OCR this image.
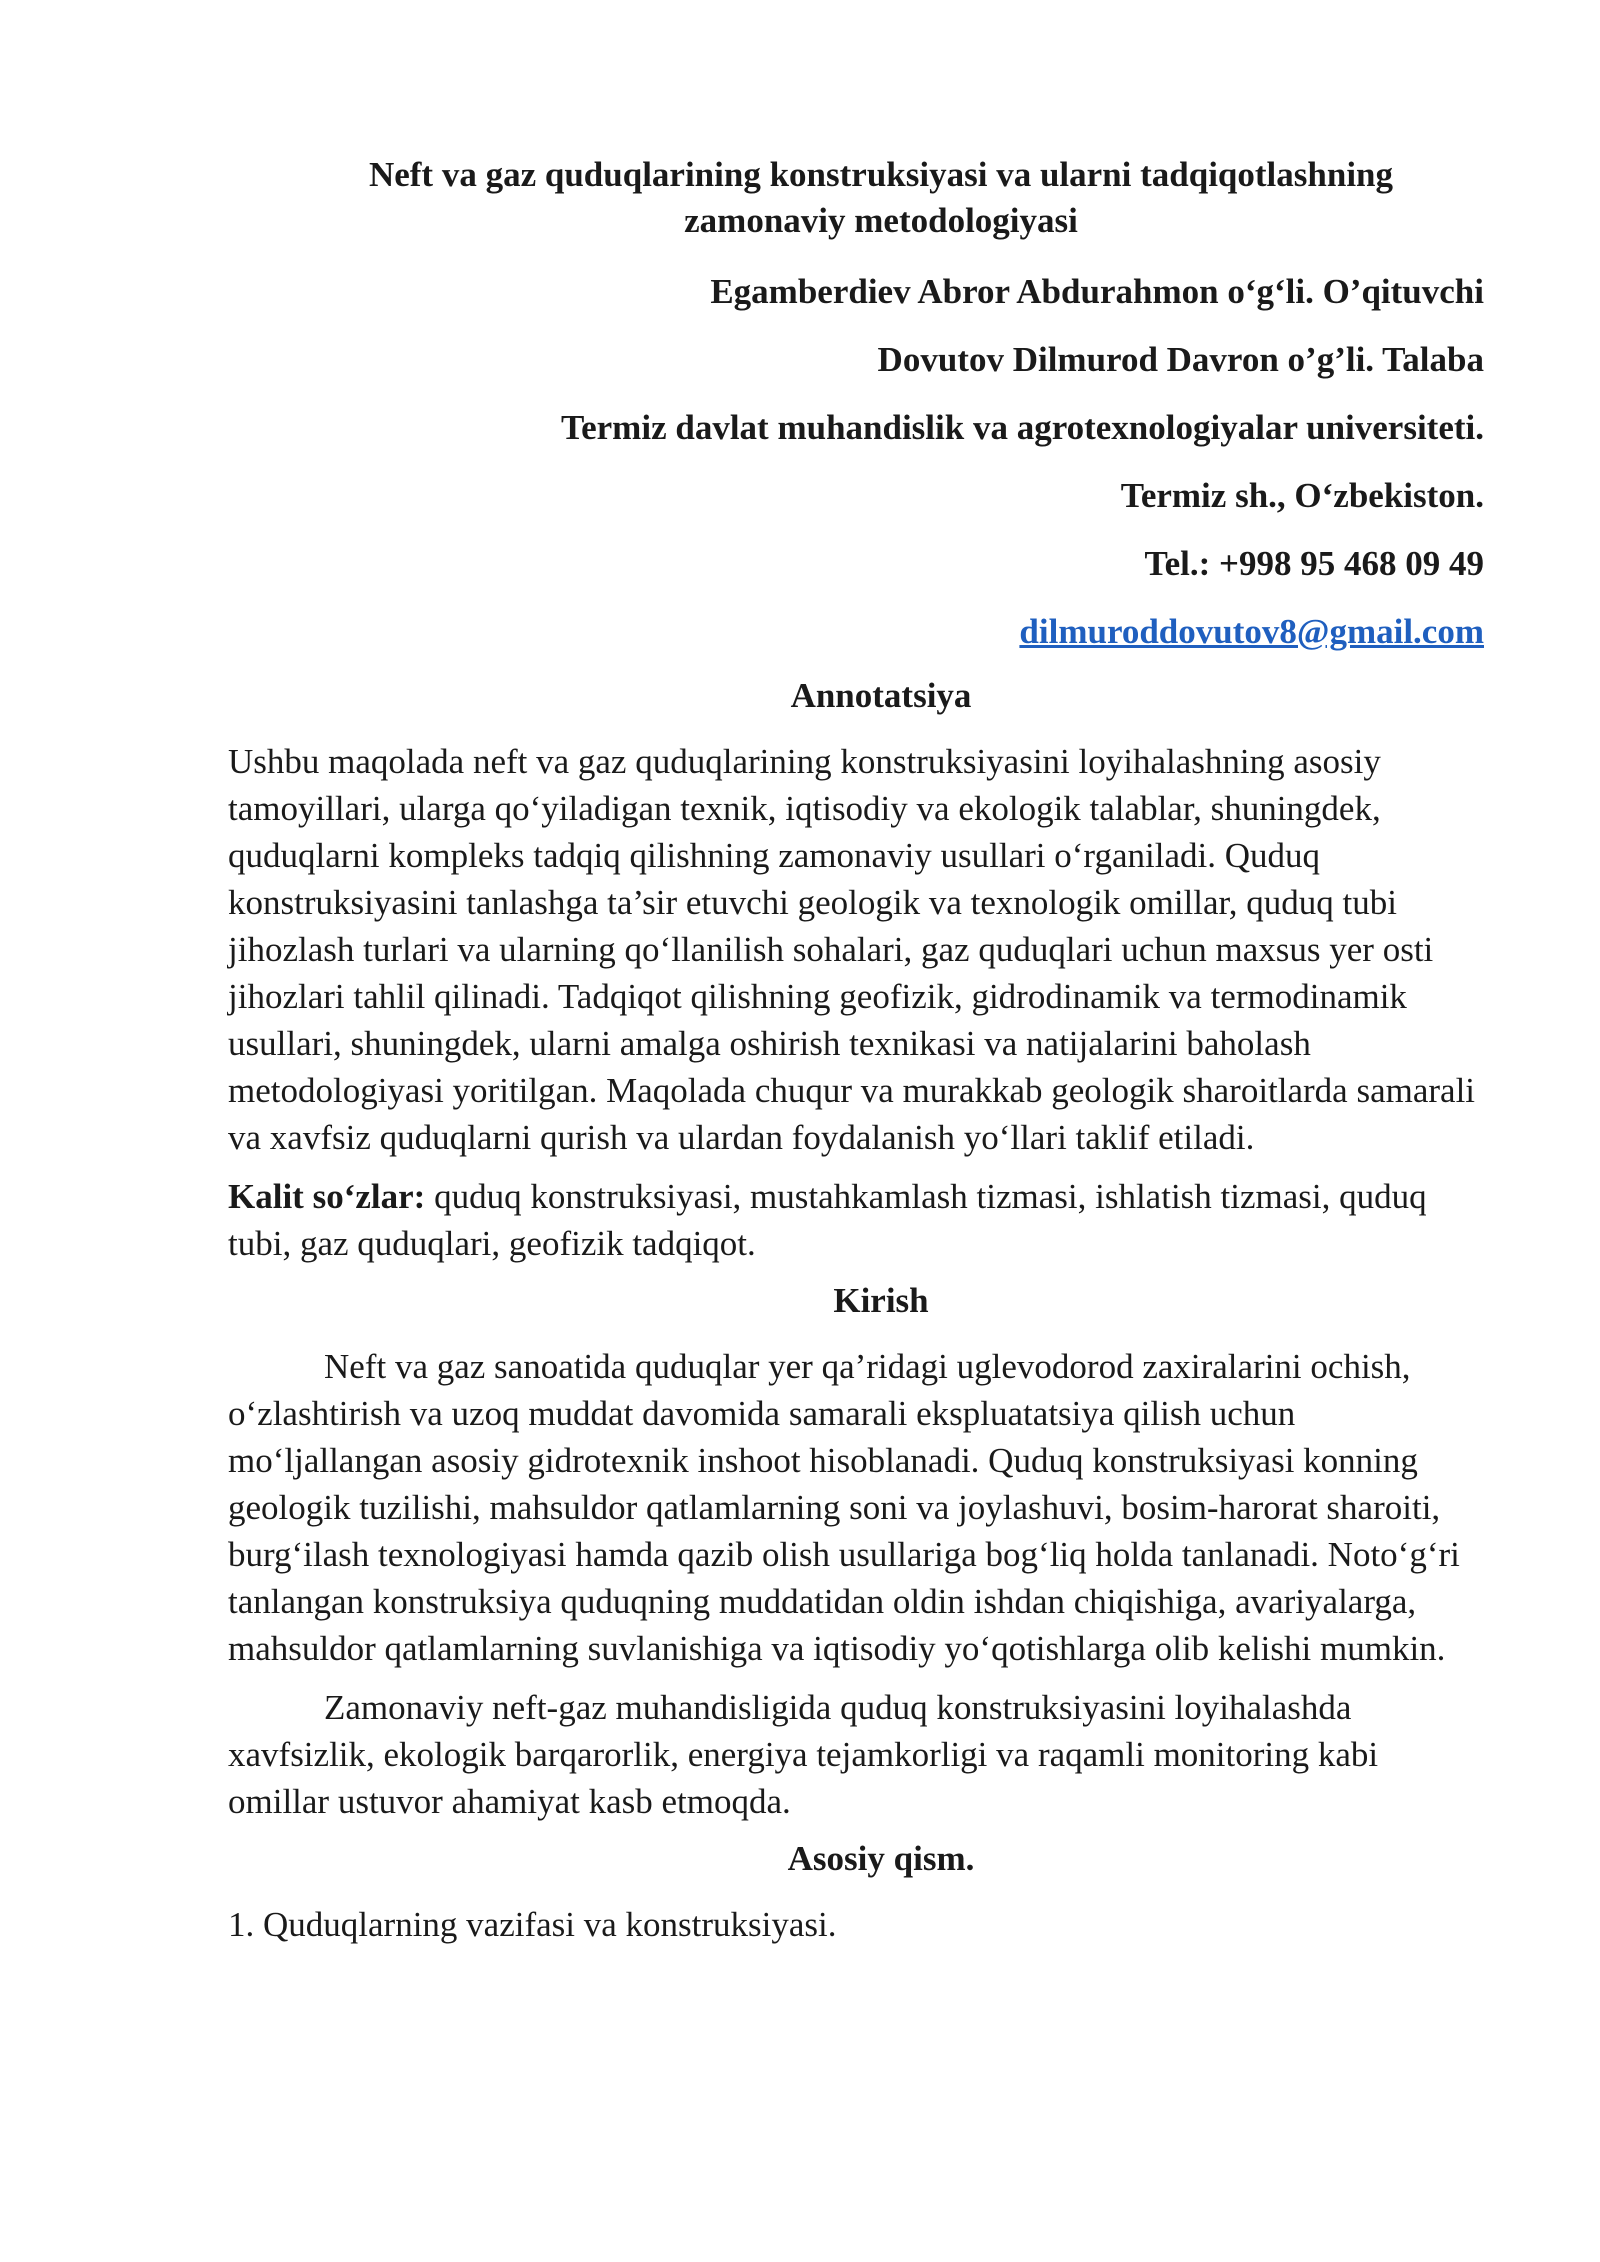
Neft va gaz quduqlarining konstruksiyasi va ularni tadqiqotlashning
zamonaviy metodologiyasi
Egamberdiev Abror Abdurahmon o‘g‘li. O’qituvchi
Dovutov Dilmurod Davron o’g’li. Talaba
Termiz davlat muhandislik va agrotexnologiyalar universiteti.
Termiz sh., O‘zbekiston.
Tel.: +998 95 468 09 49
dilmuroddovutov8@gmail.com
Annotatsiya

Ushbu maqolada neft va gaz quduqlarining konstruksiyasini loyihalashning asosiy tamoyillari, ularga qo‘yiladigan texnik, iqtisodiy va ekologik talablar, shuningdek, quduqlarni kompleks tadqiq qilishning zamonaviy usullari o‘rganiladi. Quduq konstruksiyasini tanlashga ta’sir etuvchi geologik va texnologik omillar, quduq tubi jihozlash turlari va ularning qo‘llanilish sohalari, gaz quduqlari uchun maxsus yer osti jihozlari tahlil qilinadi. Tadqiqot qilishning geofizik, gidrodinamik va termodinamik usullari, shuningdek, ularni amalga oshirish texnikasi va natijalarini baholash metodologiyasi yoritilgan. Maqolada chuqur va murakkab geologik sharoitlarda samarali va xavfsiz quduqlarni qurish va ulardan foydalanish yo‘llari taklif etiladi.

Kalit so‘zlar: quduq konstruksiyasi, mustahkamlash tizmasi, ishlatish tizmasi, quduq tubi, gaz quduqlari, geofizik tadqiqot.

Kirish

Neft va gaz sanoatida quduqlar yer qa’ridagi uglevodorod zaxiralarini ochish, o‘zlashtirish va uzoq muddat davomida samarali ekspluatatsiya qilish uchun mo‘ljallangan asosiy gidrotexnik inshoot hisoblanadi. Quduq konstruksiyasi konning geologik tuzilishi, mahsuldor qatlamlarning soni va joylashuvi, bosim-harorat sharoiti, burg‘ilash texnologiyasi hamda qazib olish usullariga bog‘liq holda tanlanadi. Noto‘g‘ri tanlangan konstruksiya quduqning muddatidan oldin ishdan chiqishiga, avariyalarga, mahsuldor qatlamlarning suvlanishiga va iqtisodiy yo‘qotishlarga olib kelishi mumkin.

Zamonaviy neft-gaz muhandisligida quduq konstruksiyasini loyihalashda xavfsizlik, ekologik barqarorlik, energiya tejamkorligi va raqamli monitoring kabi omillar ustuvor ahamiyat kasb etmoqda.

Asosiy qism.

1. Quduqlarning vazifasi va konstruksiyasi.
